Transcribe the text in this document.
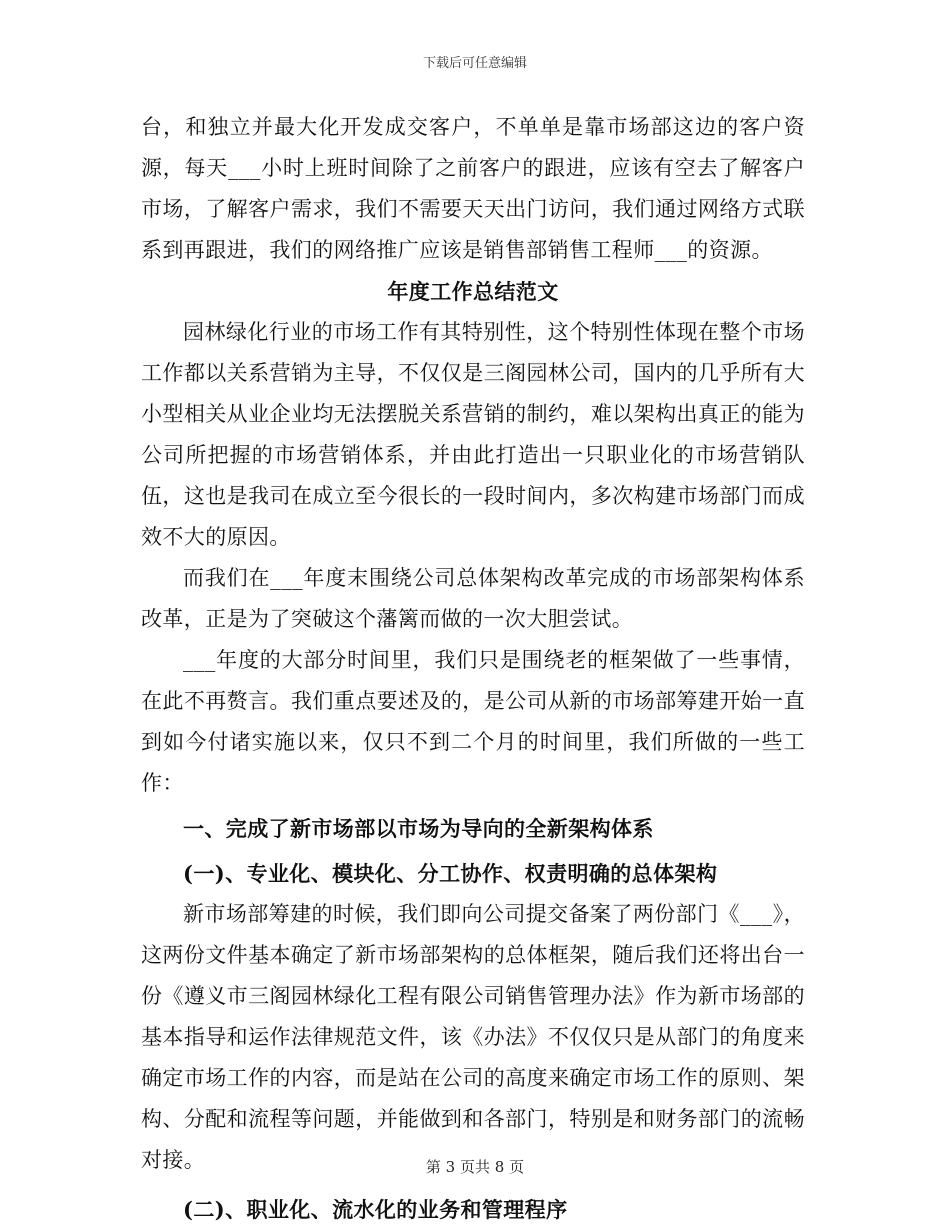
下载后可任意编辑

台，和独立并最大化开发成交客户，不单单是靠市场部这边的客户资源，每天___小时上班时间除了之前客户的跟进，应该有空去了解客户市场，了解客户需求，我们不需要天天出门访问，我们通过网络方式联系到再跟进，我们的网络推广应该是销售部销售工程师___的资源。

年度工作总结范文

园林绿化行业的市场工作有其特别性，这个特别性体现在整个市场工作都以关系营销为主导，不仅仅是三阁园林公司，国内的几乎所有大小型相关从业企业均无法摆脱关系营销的制约，难以架构出真正的能为公司所把握的市场营销体系，并由此打造出一只职业化的市场营销队伍，这也是我司在成立至今很长的一段时间内，多次构建市场部门而成效不大的原因。

而我们在___年度末围绕公司总体架构改革完成的市场部架构体系改革，正是为了突破这个藩篱而做的一次大胆尝试。

___年度的大部分时间里，我们只是围绕老的框架做了一些事情，在此不再赘言。我们重点要述及的，是公司从新的市场部筹建开始一直到如今付诸实施以来，仅只不到二个月的时间里，我们所做的一些工作：

一、完成了新市场部以市场为导向的全新架构体系

(一)、专业化、模块化、分工协作、权责明确的总体架构

新市场部筹建的时候，我们即向公司提交备案了两份部门《___》，这两份文件基本确定了新市场部架构的总体框架，随后我们还将出台一份《遵义市三阁园林绿化工程有限公司销售管理办法》作为新市场部的基本指导和运作法律规范文件，该《办法》不仅仅只是从部门的角度来确定市场工作的内容，而是站在公司的高度来确定市场工作的原则、架构、分配和流程等问题，并能做到和各部门，特别是和财务部门的流畅对接。

(二)、职业化、流水化的业务和管理程序

第 3 页共 8 页
